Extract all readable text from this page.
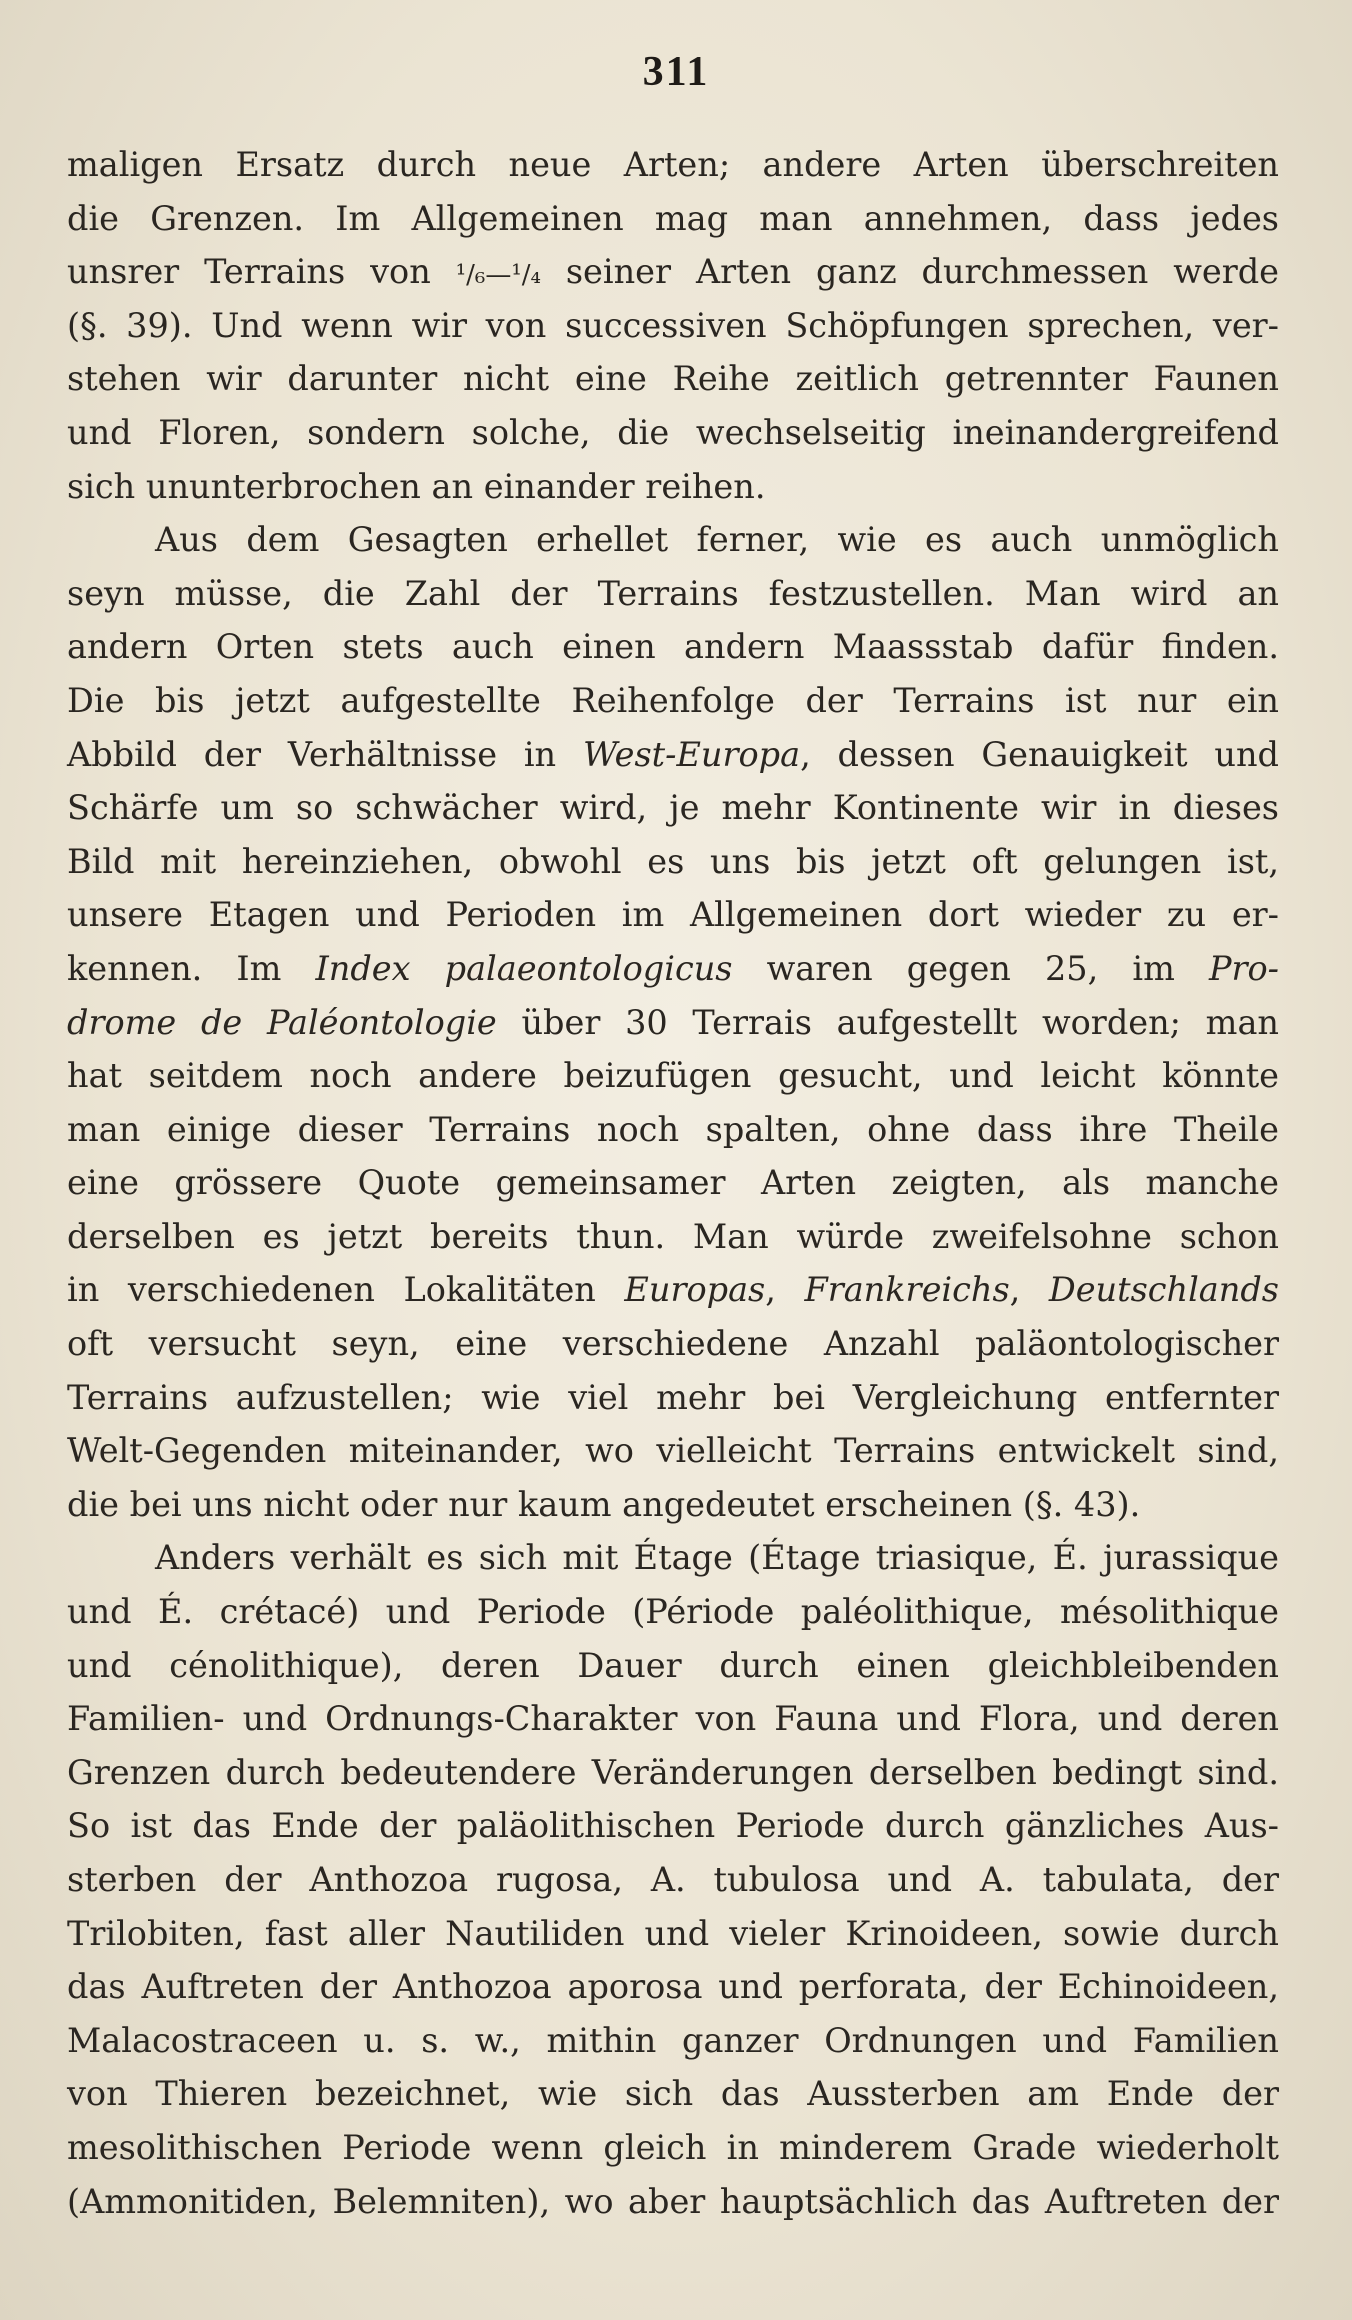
311
maligen Ersatz durch neue Arten; andere Arten überschreiten
die Grenzen. Im Allgemeinen mag man annehmen, dass jedes
unsrer Terrains von ¹/₆—¹/₄ seiner Arten ganz durchmessen werde
(§. 39). Und wenn wir von successiven Schöpfungen sprechen, ver-
stehen wir darunter nicht eine Reihe zeitlich getrennter Faunen
und Floren, sondern solche, die wechselseitig ineinandergreifend
sich ununterbrochen an einander reihen.
Aus dem Gesagten erhellet ferner, wie es auch unmöglich
seyn müsse, die Zahl der Terrains festzustellen. Man wird an
andern Orten stets auch einen andern Maassstab dafür finden.
Die bis jetzt aufgestellte Reihenfolge der Terrains ist nur ein
Abbild der Verhältnisse in West-Europa, dessen Genauigkeit und
Schärfe um so schwächer wird, je mehr Kontinente wir in dieses
Bild mit hereinziehen, obwohl es uns bis jetzt oft gelungen ist,
unsere Etagen und Perioden im Allgemeinen dort wieder zu er-
kennen. Im Index palaeontologicus waren gegen 25, im Pro-
drome de Paléontologie über 30 Terrais aufgestellt worden; man
hat seitdem noch andere beizufügen gesucht, und leicht könnte
man einige dieser Terrains noch spalten, ohne dass ihre Theile
eine grössere Quote gemeinsamer Arten zeigten, als manche
derselben es jetzt bereits thun. Man würde zweifelsohne schon
in verschiedenen Lokalitäten Europas, Frankreichs, Deutschlands
oft versucht seyn, eine verschiedene Anzahl paläontologischer
Terrains aufzustellen; wie viel mehr bei Vergleichung entfernter
Welt-Gegenden miteinander, wo vielleicht Terrains entwickelt sind,
die bei uns nicht oder nur kaum angedeutet erscheinen (§. 43).
Anders verhält es sich mit Étage (Étage triasique, É. jurassique
und É. crétacé) und Periode (Période paléolithique, mésolithique
und cénolithique), deren Dauer durch einen gleichbleibenden
Familien- und Ordnungs-Charakter von Fauna und Flora, und deren
Grenzen durch bedeutendere Veränderungen derselben bedingt sind.
So ist das Ende der paläolithischen Periode durch gänzliches Aus-
sterben der Anthozoa rugosa, A. tubulosa und A. tabulata, der
Trilobiten, fast aller Nautiliden und vieler Krinoideen, sowie durch
das Auftreten der Anthozoa aporosa und perforata, der Echinoideen,
Malacostraceen u. s. w., mithin ganzer Ordnungen und Familien
von Thieren bezeichnet, wie sich das Aussterben am Ende der
mesolithischen Periode wenn gleich in minderem Grade wiederholt
(Ammonitiden, Belemniten), wo aber hauptsächlich das Auftreten der
